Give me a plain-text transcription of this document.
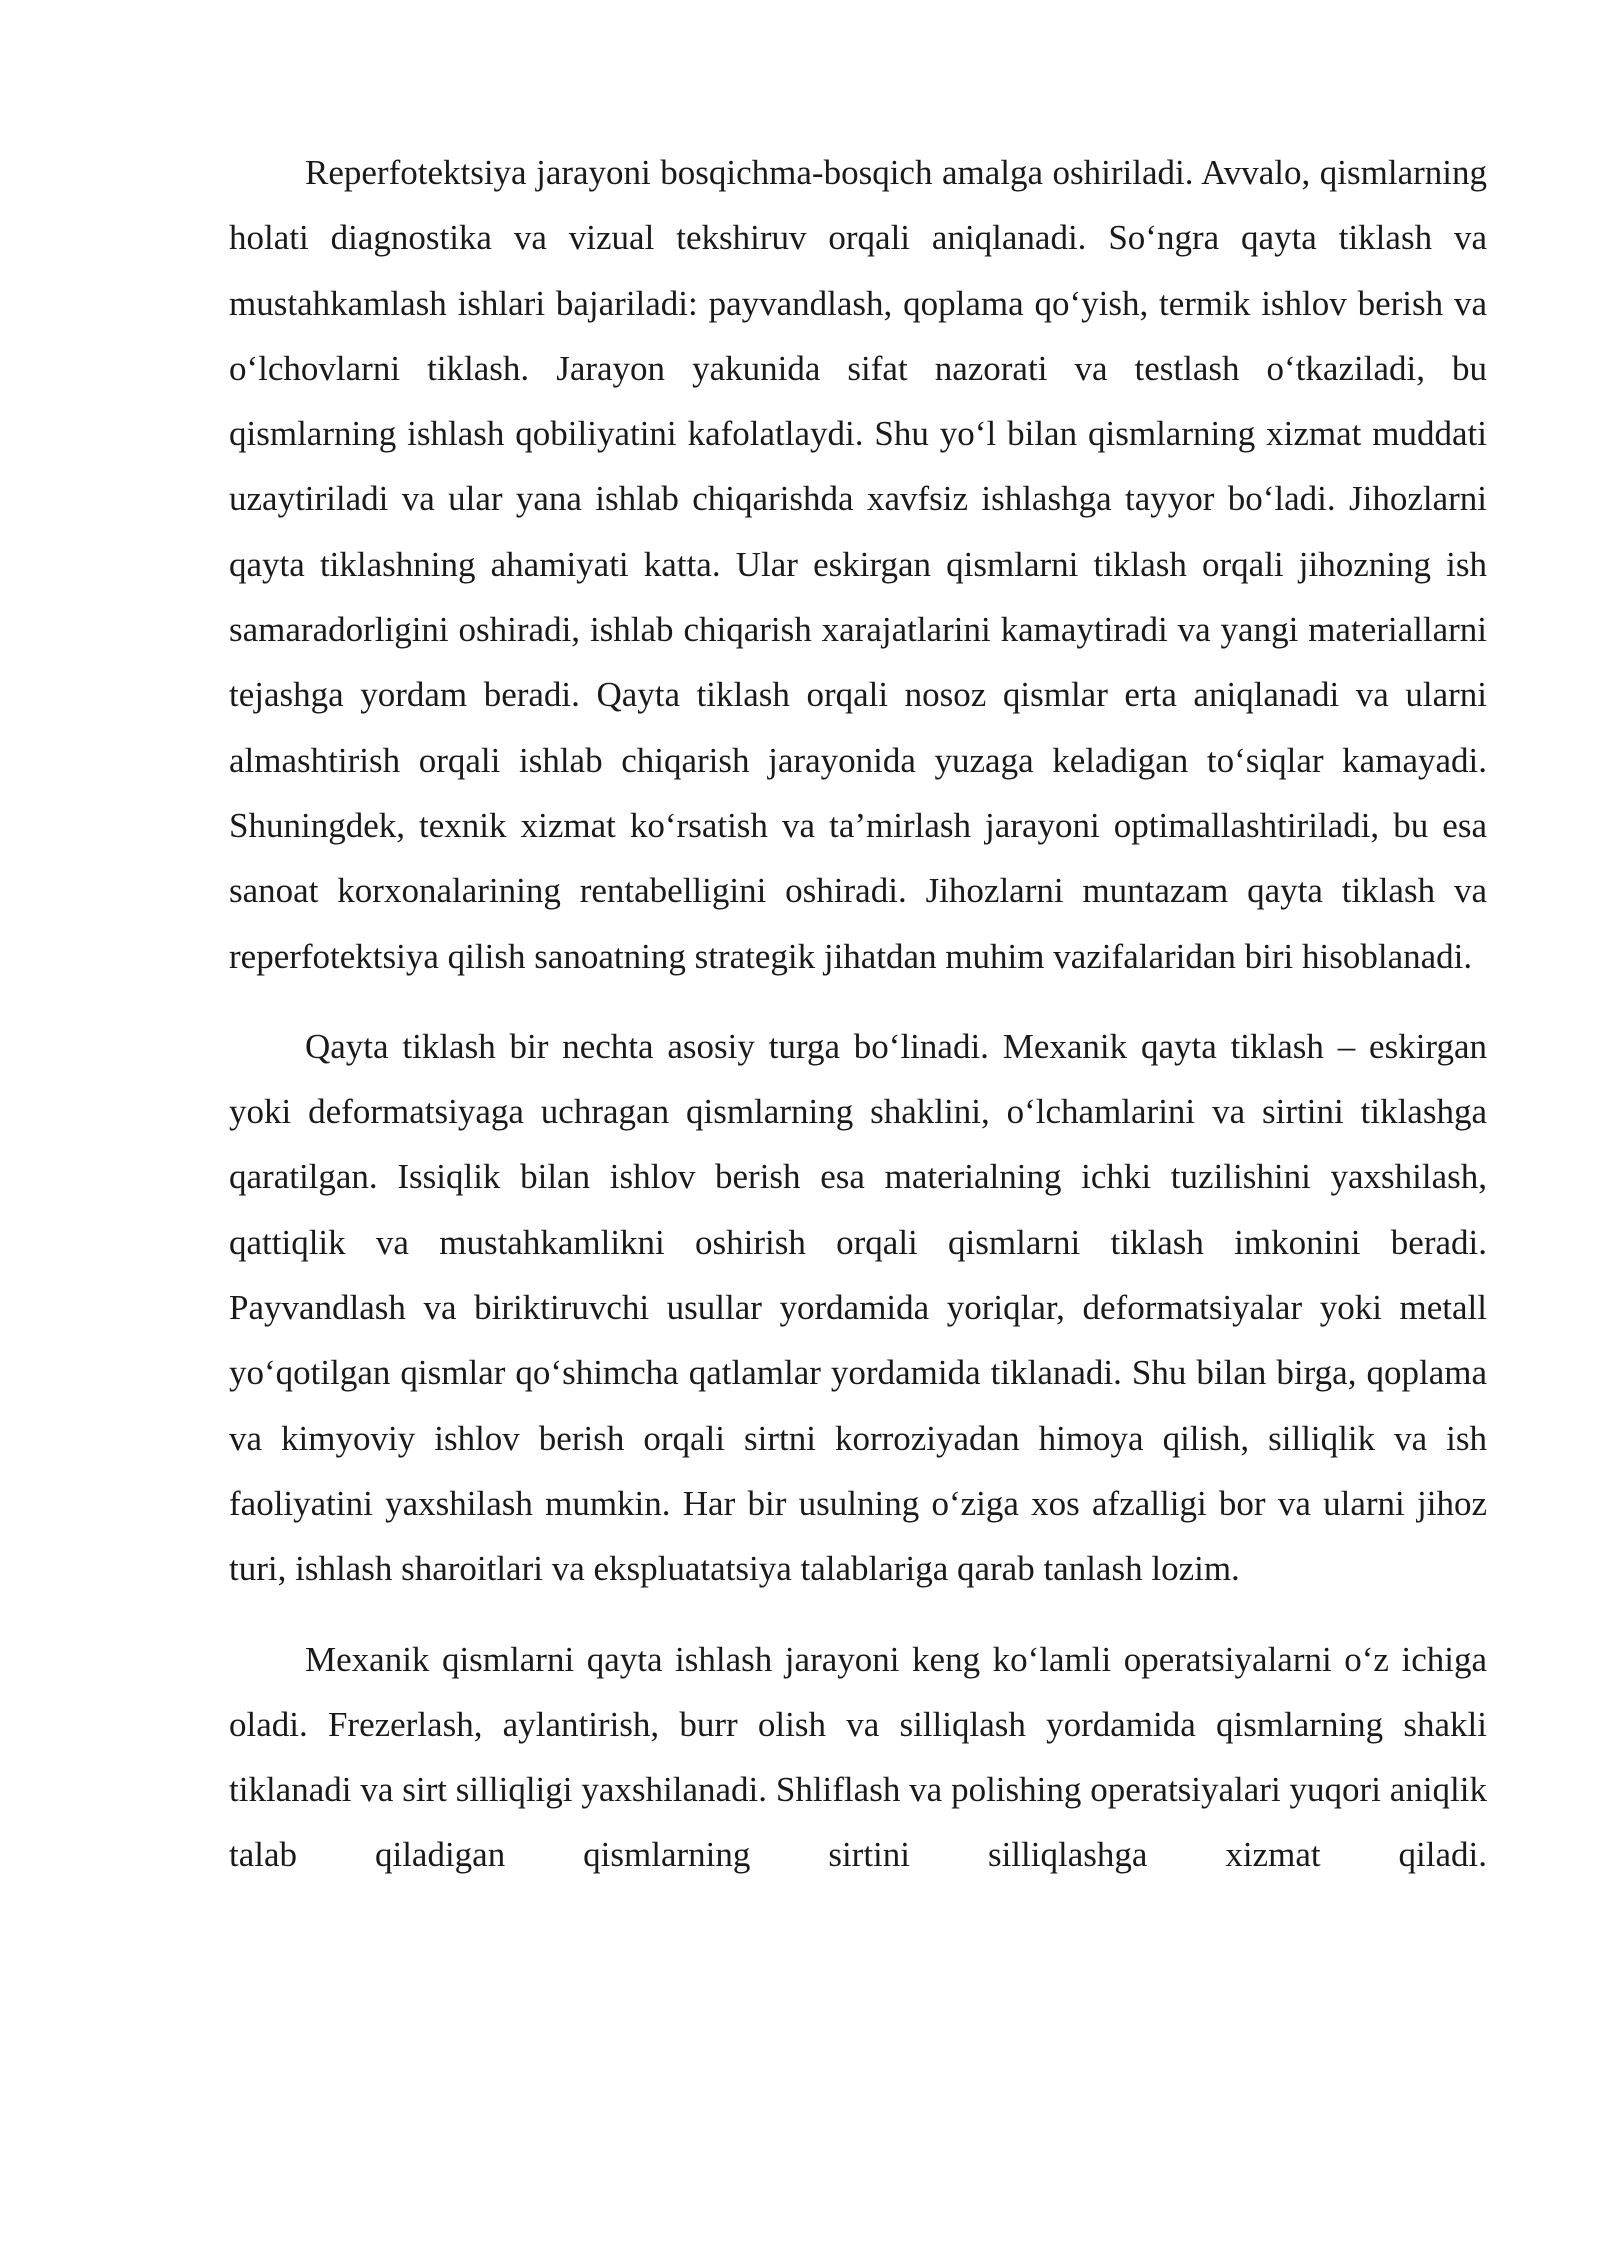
Reperfotektsiya jarayoni bosqichma-bosqich amalga oshiriladi. Avvalo, qismlarning holati diagnostika va vizual tekshiruv orqali aniqlanadi. So‘ngra qayta tiklash va mustahkamlash ishlari bajariladi: payvandlash, qoplama qo‘yish, termik ishlov berish va o‘lchovlarni tiklash. Jarayon yakunida sifat nazorati va testlash o‘tkaziladi, bu qismlarning ishlash qobiliyatini kafolatlaydi. Shu yo‘l bilan qismlarning xizmat muddati uzaytiriladi va ular yana ishlab chiqarishda xavfsiz ishlashga tayyor bo‘ladi. Jihozlarni qayta tiklashning ahamiyati katta. Ular eskirgan qismlarni tiklash orqali jihozning ish samaradorligini oshiradi, ishlab chiqarish xarajatlarini kamaytiradi va yangi materiallarni tejashga yordam beradi. Qayta tiklash orqali nosoz qismlar erta aniqlanadi va ularni almashtirish orqali ishlab chiqarish jarayonida yuzaga keladigan to‘siqlar kamayadi. Shuningdek, texnik xizmat ko‘rsatish va ta’mirlash jarayoni optimallashtiriladi, bu esa sanoat korxonalarining rentabelligini oshiradi. Jihozlarni muntazam qayta tiklash va reperfotektsiya qilish sanoatning strategik jihatdan muhim vazifalaridan biri hisoblanadi.

Qayta tiklash bir nechta asosiy turga bo‘linadi. Mexanik qayta tiklash – eskirgan yoki deformatsiyaga uchragan qismlarning shaklini, o‘lchamlarini va sirtini tiklashga qaratilgan. Issiqlik bilan ishlov berish esa materialning ichki tuzilishini yaxshilash, qattiqlik va mustahkamlikni oshirish orqali qismlarni tiklash imkonini beradi. Payvandlash va biriktiruvchi usullar yordamida yoriqlar, deformatsiyalar yoki metall yo‘qotilgan qismlar qo‘shimcha qatlamlar yordamida tiklanadi. Shu bilan birga, qoplama va kimyoviy ishlov berish orqali sirtni korroziyadan himoya qilish, silliqlik va ish faoliyatini yaxshilash mumkin. Har bir usulning o‘ziga xos afzalligi bor va ularni jihoz turi, ishlash sharoitlari va ekspluatatsiya talablariga qarab tanlash lozim.

Mexanik qismlarni qayta ishlash jarayoni keng ko‘lamli operatsiyalarni o‘z ichiga oladi. Frezerlash, aylantirish, burr olish va silliqlash yordamida qismlarning shakli tiklanadi va sirt silliqligi yaxshilanadi. Shliflash va polishing operatsiyalari yuqori aniqlik talab qiladigan qismlarning sirtini silliqlashga xizmat qiladi.
